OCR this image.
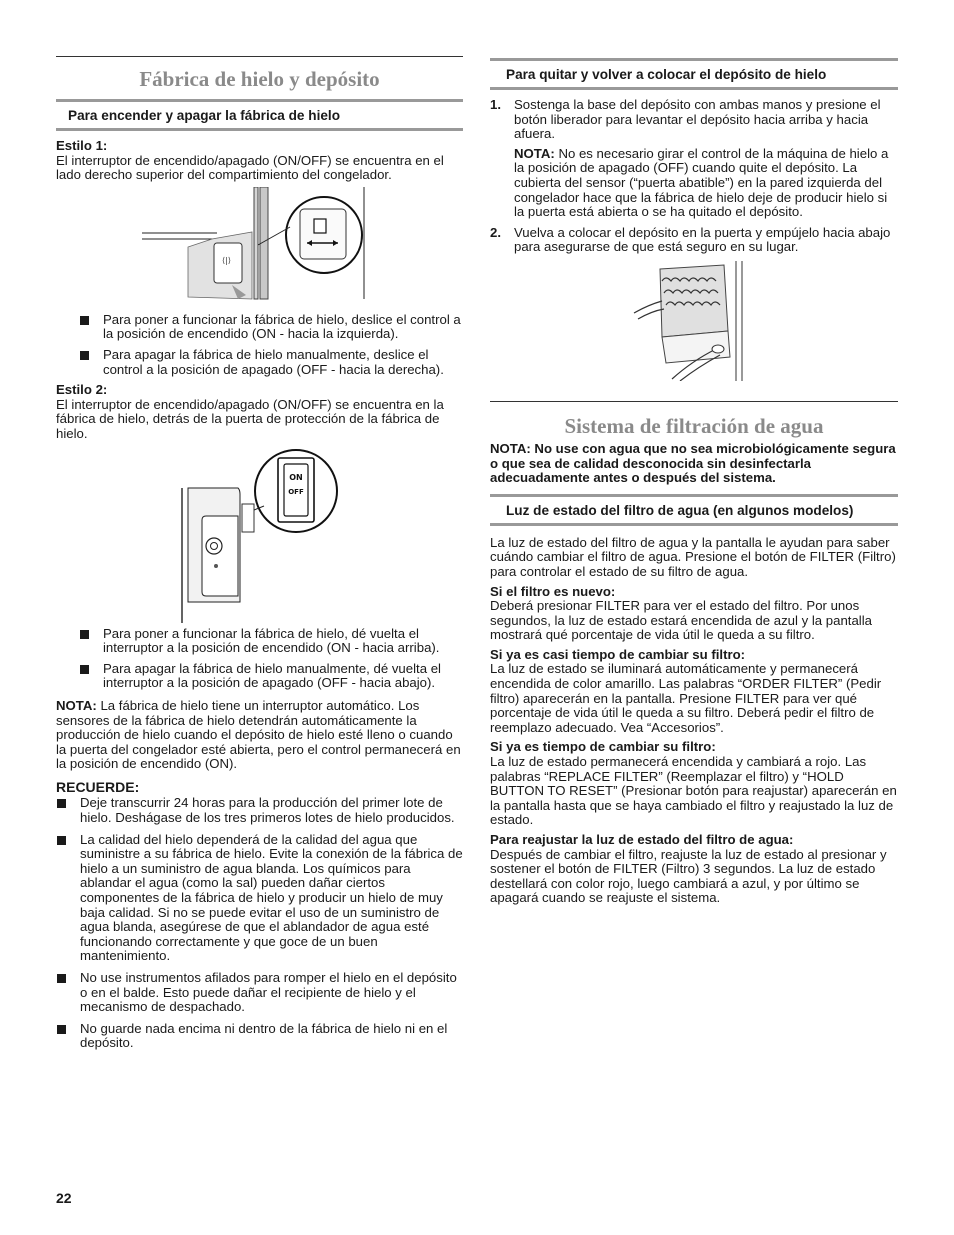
Fábrica de hielo y depósito
Para encender y apagar la fábrica de hielo

Estilo 1:

El interruptor de encendido/apagado (ON/OFF) se encuentra en el lado derecho superior del compartimiento del congelador.

⟨|⟩

Para poner a funcionar la fábrica de hielo, deslice el control a la posición de encendido (ON - hacia la izquierda).

Para apagar la fábrica de hielo manualmente, deslice el control a la posición de apagado (OFF - hacia la derecha).

Estilo 2:

El interruptor de encendido/apagado (ON/OFF) se encuentra en la fábrica de hielo, detrás de la puerta de protección de la fábrica de hielo.

ON
OFF

Para poner a funcionar la fábrica de hielo, dé vuelta el interruptor a la posición de encendido (ON - hacia arriba).

Para apagar la fábrica de hielo manualmente, dé vuelta el interruptor a la posición de apagado (OFF - hacia abajo).

NOTA: La fábrica de hielo tiene un interruptor automático. Los sensores de la fábrica de hielo detendrán automáticamente la producción de hielo cuando el depósito de hielo esté lleno o cuando la puerta del congelador esté abierta, pero el control permanecerá en la posición de encendido (ON).

RECUERDE:

Deje transcurrir 24 horas para la producción del primer lote de hielo. Deshágase de los tres primeros lotes de hielo producidos.

La calidad del hielo dependerá de la calidad del agua que suministre a su fábrica de hielo. Evite la conexión de la fábrica de hielo a un suministro de agua blanda. Los químicos para ablandar el agua (como la sal) pueden dañar ciertos componentes de la fábrica de hielo y producir un hielo de muy baja calidad. Si no se puede evitar el uso de un suministro de agua blanda, asegúrese de que el ablandador de agua esté funcionando correctamente y que goce de un buen mantenimiento.

No use instrumentos afilados para romper el hielo en el depósito o en el balde. Esto puede dañar el recipiente de hielo y el mecanismo de despachado.

No guarde nada encima ni dentro de la fábrica de hielo ni en el depósito.

Para quitar y volver a colocar el depósito de hielo
1. Sostenga la base del depósito con ambas manos y presione el botón liberador para levantar el depósito hacia arriba y hacia afuera.

NOTA: No es necesario girar el control de la máquina de hielo a la posición de apagado (OFF) cuando quite el depósito. La cubierta del sensor (“puerta abatible”) en la pared izquierda del congelador hace que la fábrica de hielo deje de producir hielo si la puerta está abierta o se ha quitado el depósito.

2. Vuelva a colocar el depósito en la puerta y empújelo hacia abajo para asegurarse de que está seguro en su lugar.

Sistema de filtración de agua

NOTA: No use con agua que no sea microbiológicamente segura o que sea de calidad desconocida sin desinfectarla adecuadamente antes o después del sistema.

Luz de estado del filtro de agua (en algunos modelos)

La luz de estado del filtro de agua y la pantalla le ayudan para saber cuándo cambiar el filtro de agua. Presione el botón de FILTER (Filtro) para controlar el estado de su filtro de agua.

Si el filtro es nuevo:

Deberá presionar FILTER para ver el estado del filtro. Por unos segundos, la luz de estado estará encendida de azul y la pantalla mostrará qué porcentaje de vida útil le queda a su filtro.

Si ya es casi tiempo de cambiar su filtro:

La luz de estado se iluminará automáticamente y permanecerá encendida de color amarillo. Las palabras “ORDER FILTER” (Pedir filtro) aparecerán en la pantalla. Presione FILTER para ver qué porcentaje de vida útil le queda a su filtro. Deberá pedir el filtro de reemplazo adecuado. Vea “Accesorios”.

Si ya es tiempo de cambiar su filtro:

La luz de estado permanecerá encendida y cambiará a rojo. Las palabras “REPLACE FILTER” (Reemplazar el filtro) y “HOLD BUTTON TO RESET” (Presionar botón para reajustar) aparecerán en la pantalla hasta que se haya cambiado el filtro y reajustado la luz de estado.

Para reajustar la luz de estado del filtro de agua:

Después de cambiar el filtro, reajuste la luz de estado al presionar y sostener el botón de FILTER (Filtro) 3 segundos. La luz de estado destellará con color rojo, luego cambiará a azul, y por último se apagará cuando se reajuste el sistema.

22
